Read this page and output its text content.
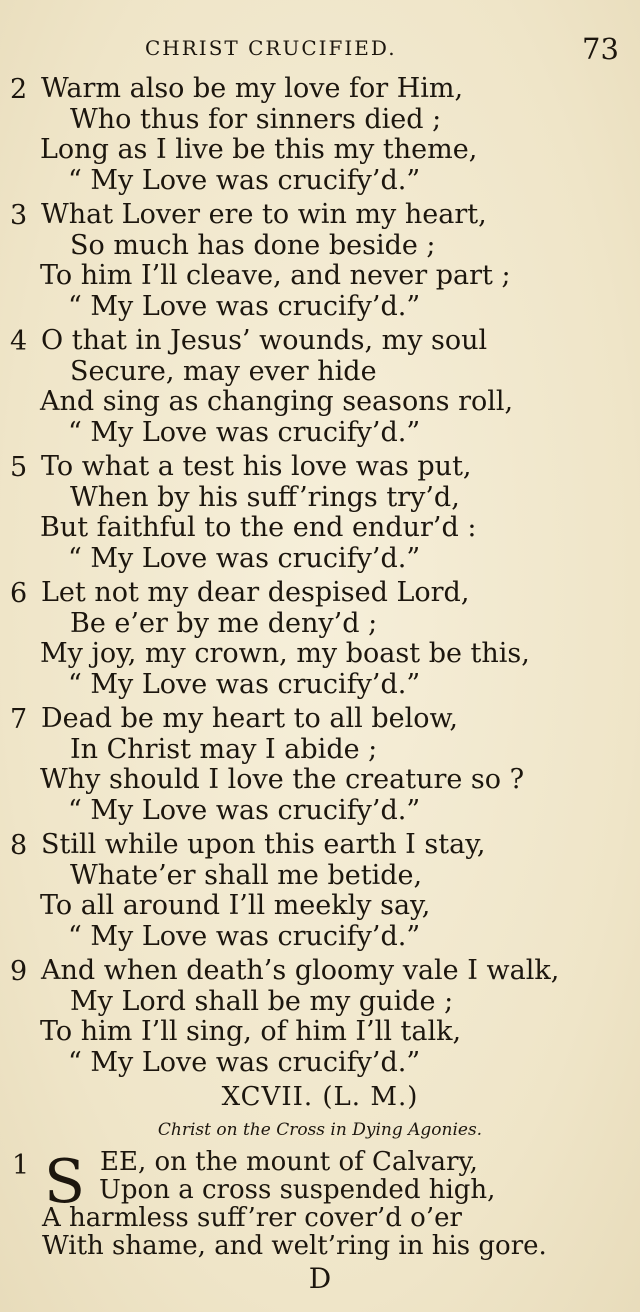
CHRIST CRUCIFIED.	73
2 Warm also be my love for Him,
Who thus for sinners died ;
Long as I live be this my theme,
“ My Love was crucify’d.”
3 What Lover ere to win my heart,
So much has done beside ;
To him I’ll cleave, and never part ;
“ My Love was crucify’d.”
4 O that in Jesus’ wounds, my soul
Secure, may ever hide
And sing as changing seasons roll,
“ My Love was crucify’d.”
5 To what a test his love was put,
When by his suff’rings try’d,
But faithful to the end endur’d :
“ My Love was crucify’d.”
6 Let not my dear despised Lord,
Be e’er by me deny’d ;
My joy, my crown, my boast be this,
“ My Love was crucify’d.”
7 Dead be my heart to all below,
In Christ may I abide ;
Why should I love the creature so ?
“ My Love was crucify’d.”
8 Still while upon this earth I stay,
Whate’er shall me betide,
To all around I’ll meekly say,
“ My Love was crucify’d.”
9 And when death’s gloomy vale I walk,
My Lord shall be my guide ;
To him I’ll sing, of him I’ll talk,
“ My Love was crucify’d.”
XCVII. (L. M.)
Christ on the Cross in Dying Agonies.
1 S EE, on the mount of Calvary,
Upon a cross suspended high,
A harmless suff’rer cover’d o’er
With shame, and welt’ring in his gore.
D
